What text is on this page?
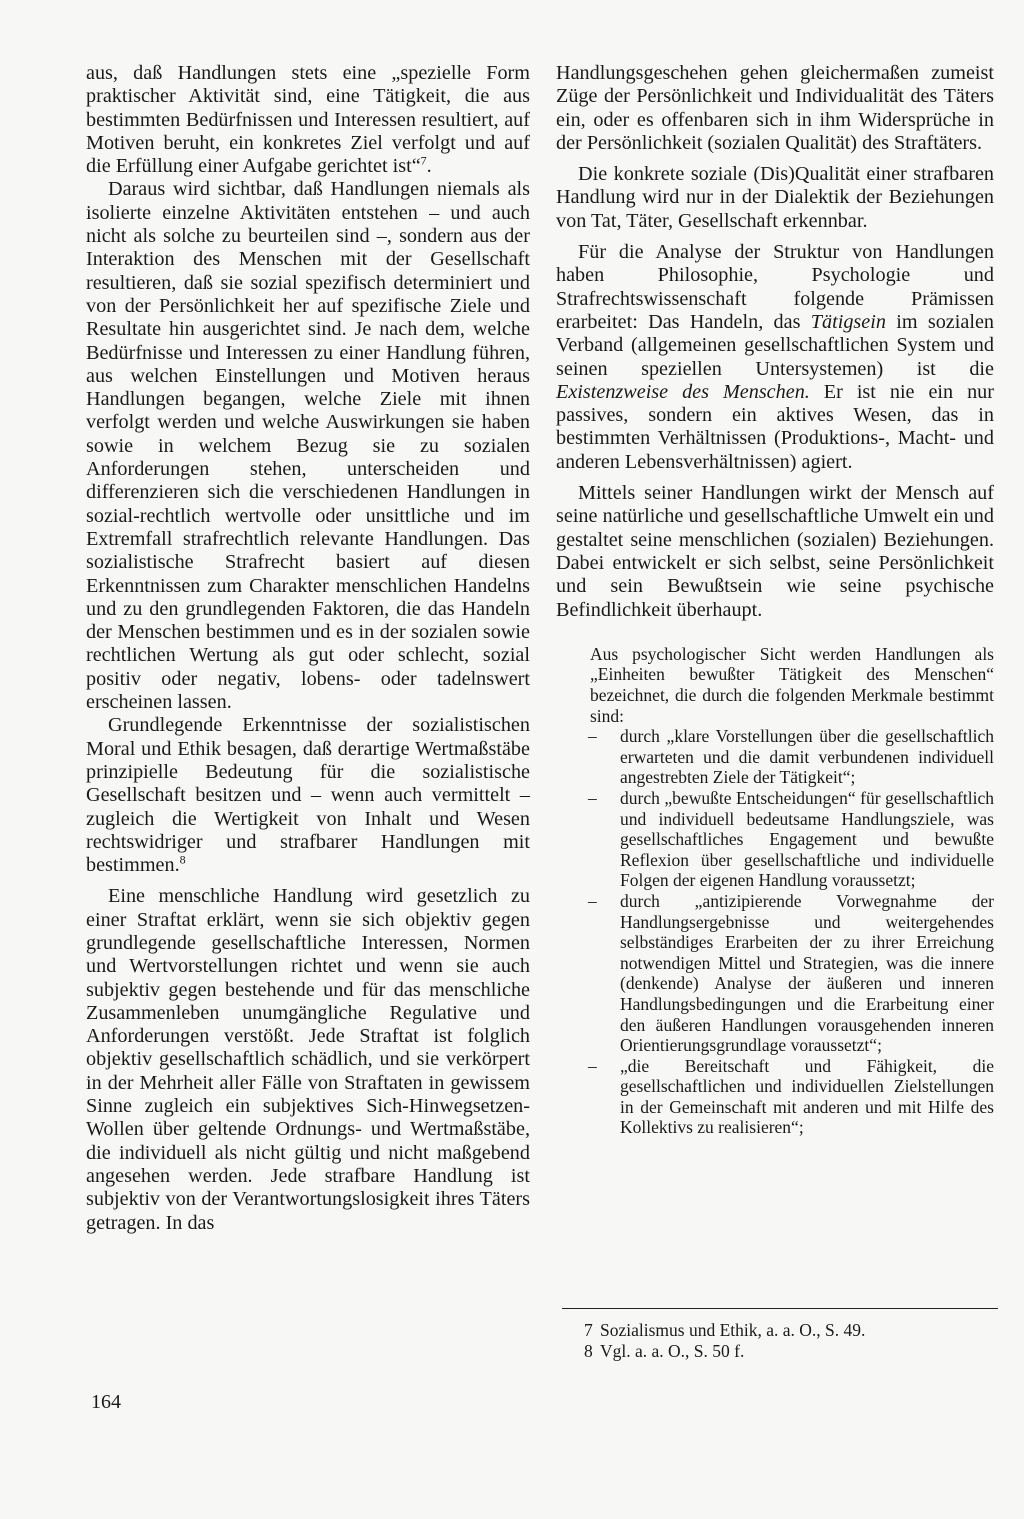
aus, daß Handlungen stets eine „spezielle Form praktischer Aktivität sind, eine Tätigkeit, die aus bestimmten Bedürfnissen und Interessen resultiert, auf Motiven beruht, ein konkretes Ziel verfolgt und auf die Erfüllung einer Aufgabe gerichtet ist“$^7$.

Daraus wird sichtbar, daß Handlungen niemals als isolierte einzelne Aktivitäten entstehen – und auch nicht als solche zu beurteilen sind –, sondern aus der Interaktion des Menschen mit der Gesellschaft resultieren, daß sie sozial spezifisch determiniert und von der Persönlichkeit her auf spezifische Ziele und Resultate hin ausgerichtet sind. Je nach dem, welche Bedürfnisse und Interessen zu einer Handlung führen, aus welchen Einstellungen und Motiven heraus Handlungen begangen, welche Ziele mit ihnen verfolgt werden und welche Auswirkungen sie haben sowie in welchem Bezug sie zu sozialen Anforderungen stehen, unterscheiden und differenzieren sich die verschiedenen Handlungen in sozial-rechtlich wertvolle oder unsittliche und im Extremfall strafrechtlich relevante Handlungen. Das sozialistische Strafrecht basiert auf diesen Erkenntnissen zum Charakter menschlichen Handelns und zu den grundlegenden Faktoren, die das Handeln der Menschen bestimmen und es in der sozialen sowie rechtlichen Wertung als gut oder schlecht, sozial positiv oder negativ, lobens- oder tadelnswert erscheinen lassen.

Grundlegende Erkenntnisse der sozialistischen Moral und Ethik besagen, daß derartige Wertmaßstäbe prinzipielle Bedeutung für die sozialistische Gesellschaft besitzen und – wenn auch vermittelt – zugleich die Wertigkeit von Inhalt und Wesen rechtswidriger und strafbarer Handlungen mit bestimmen.$^8$

Eine menschliche Handlung wird gesetzlich zu einer Straftat erklärt, wenn sie sich objektiv gegen grundlegende gesellschaftliche Interessen, Normen und Wertvorstellungen richtet und wenn sie auch subjektiv gegen bestehende und für das menschliche Zusammenleben unumgängliche Regulative und Anforderungen verstößt. Jede Straftat ist folglich objektiv gesellschaftlich schädlich, und sie verkörpert in der Mehrheit aller Fälle von Straftaten in gewissem Sinne zugleich ein subjektives Sich-Hinwegsetzen-Wollen über geltende Ordnungs- und Wertmaßstäbe, die individuell als nicht gültig und nicht maßgebend angesehen werden. Jede strafbare Handlung ist subjektiv von der Verantwortungslosigkeit ihres Täters getragen. In das

Handlungsgeschehen gehen gleichermaßen zumeist Züge der Persönlichkeit und Individualität des Täters ein, oder es offenbaren sich in ihm Widersprüche in der Persönlichkeit (sozialen Qualität) des Straftäters.

Die konkrete soziale (Dis)Qualität einer strafbaren Handlung wird nur in der Dialektik der Beziehungen von Tat, Täter, Gesellschaft erkennbar.

Für die Analyse der Struktur von Handlungen haben Philosophie, Psychologie und Strafrechtswissenschaft folgende Prämissen erarbeitet: Das Handeln, das Tätigsein im sozialen Verband (allgemeinen gesellschaftlichen System und seinen speziellen Untersystemen) ist die Existenzweise des Menschen. Er ist nie ein nur passives, sondern ein aktives Wesen, das in bestimmten Verhältnissen (Produktions-, Macht- und anderen Lebensverhältnissen) agiert.

Mittels seiner Handlungen wirkt der Mensch auf seine natürliche und gesellschaftliche Umwelt ein und gestaltet seine menschlichen (sozialen) Beziehungen. Dabei entwickelt er sich selbst, seine Persönlichkeit und sein Bewußtsein wie seine psychische Befindlichkeit überhaupt.

Aus psychologischer Sicht werden Handlungen als „Einheiten bewußter Tätigkeit des Menschen“ bezeichnet, die durch die folgenden Merkmale bestimmt sind:

– durch „klare Vorstellungen über die gesellschaftlich erwarteten und die damit verbundenen individuell angestrebten Ziele der Tätigkeit“;
– durch „bewußte Entscheidungen“ für gesellschaftlich und individuell bedeutsame Handlungsziele, was gesellschaftliches Engagement und bewußte Reflexion über gesellschaftliche und individuelle Folgen der eigenen Handlung voraussetzt;
– durch „antizipierende Vorwegnahme der Handlungsergebnisse und weitergehendes selbständiges Erarbeiten der zu ihrer Erreichung notwendigen Mittel und Strategien, was die innere (denkende) Analyse der äußeren und inneren Handlungsbedingungen und die Erarbeitung einer den äußeren Handlungen vorausgehenden inneren Orientierungsgrundlage voraussetzt“;
– „die Bereitschaft und Fähigkeit, die gesellschaftlichen und individuellen Zielstellungen in der Gemeinschaft mit anderen und mit Hilfe des Kollektivs zu realisieren“;
7 Sozialismus und Ethik, a. a. O., S. 49.
8 Vgl. a. a. O., S. 50 f.
164
